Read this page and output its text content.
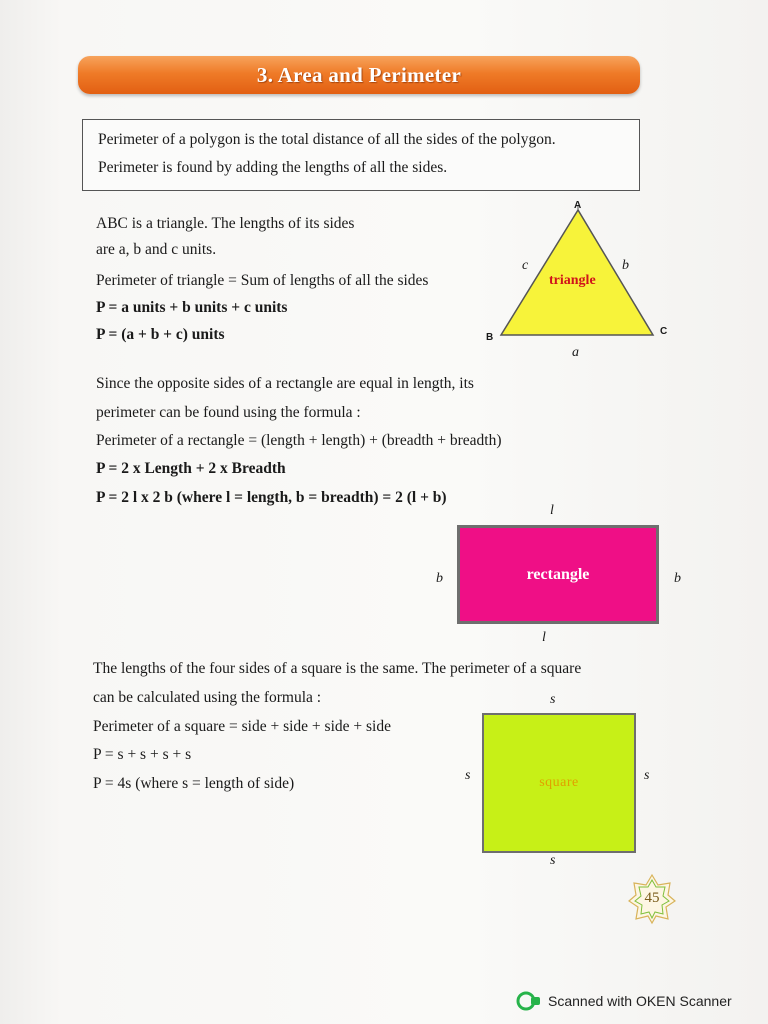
3. Area and Perimeter

Perimeter of a polygon is the total distance of all the sides of the polygon.

Perimeter is found by adding the lengths of all the sides.

ABC is a triangle. The lengths of its sides
are a, b and c units.
Perimeter of triangle = Sum of lengths of all the sides
P = a units + b units + c units
P = (a + b + c) units
A
B
C
c	b
a
triangle
Since the opposite sides of a rectangle are equal in length, its
perimeter can be found using the formula :
Perimeter of a rectangle = (length + length) + (breadth + breadth)
P = 2 x Length + 2 x Breadth
P = 2 l x 2 b (where l = length, b = breadth) = 2 (l + b)
l
b	b
l
rectangle
The lengths of the four sides of a square is the same. The perimeter of a square
can be calculated using the formula :
Perimeter of a square = side + side + side + side
P = s + s + s + s
P = 4s (where s = length of side)
s
s	s
s
square
45
Scanned with OKEN Scanner
